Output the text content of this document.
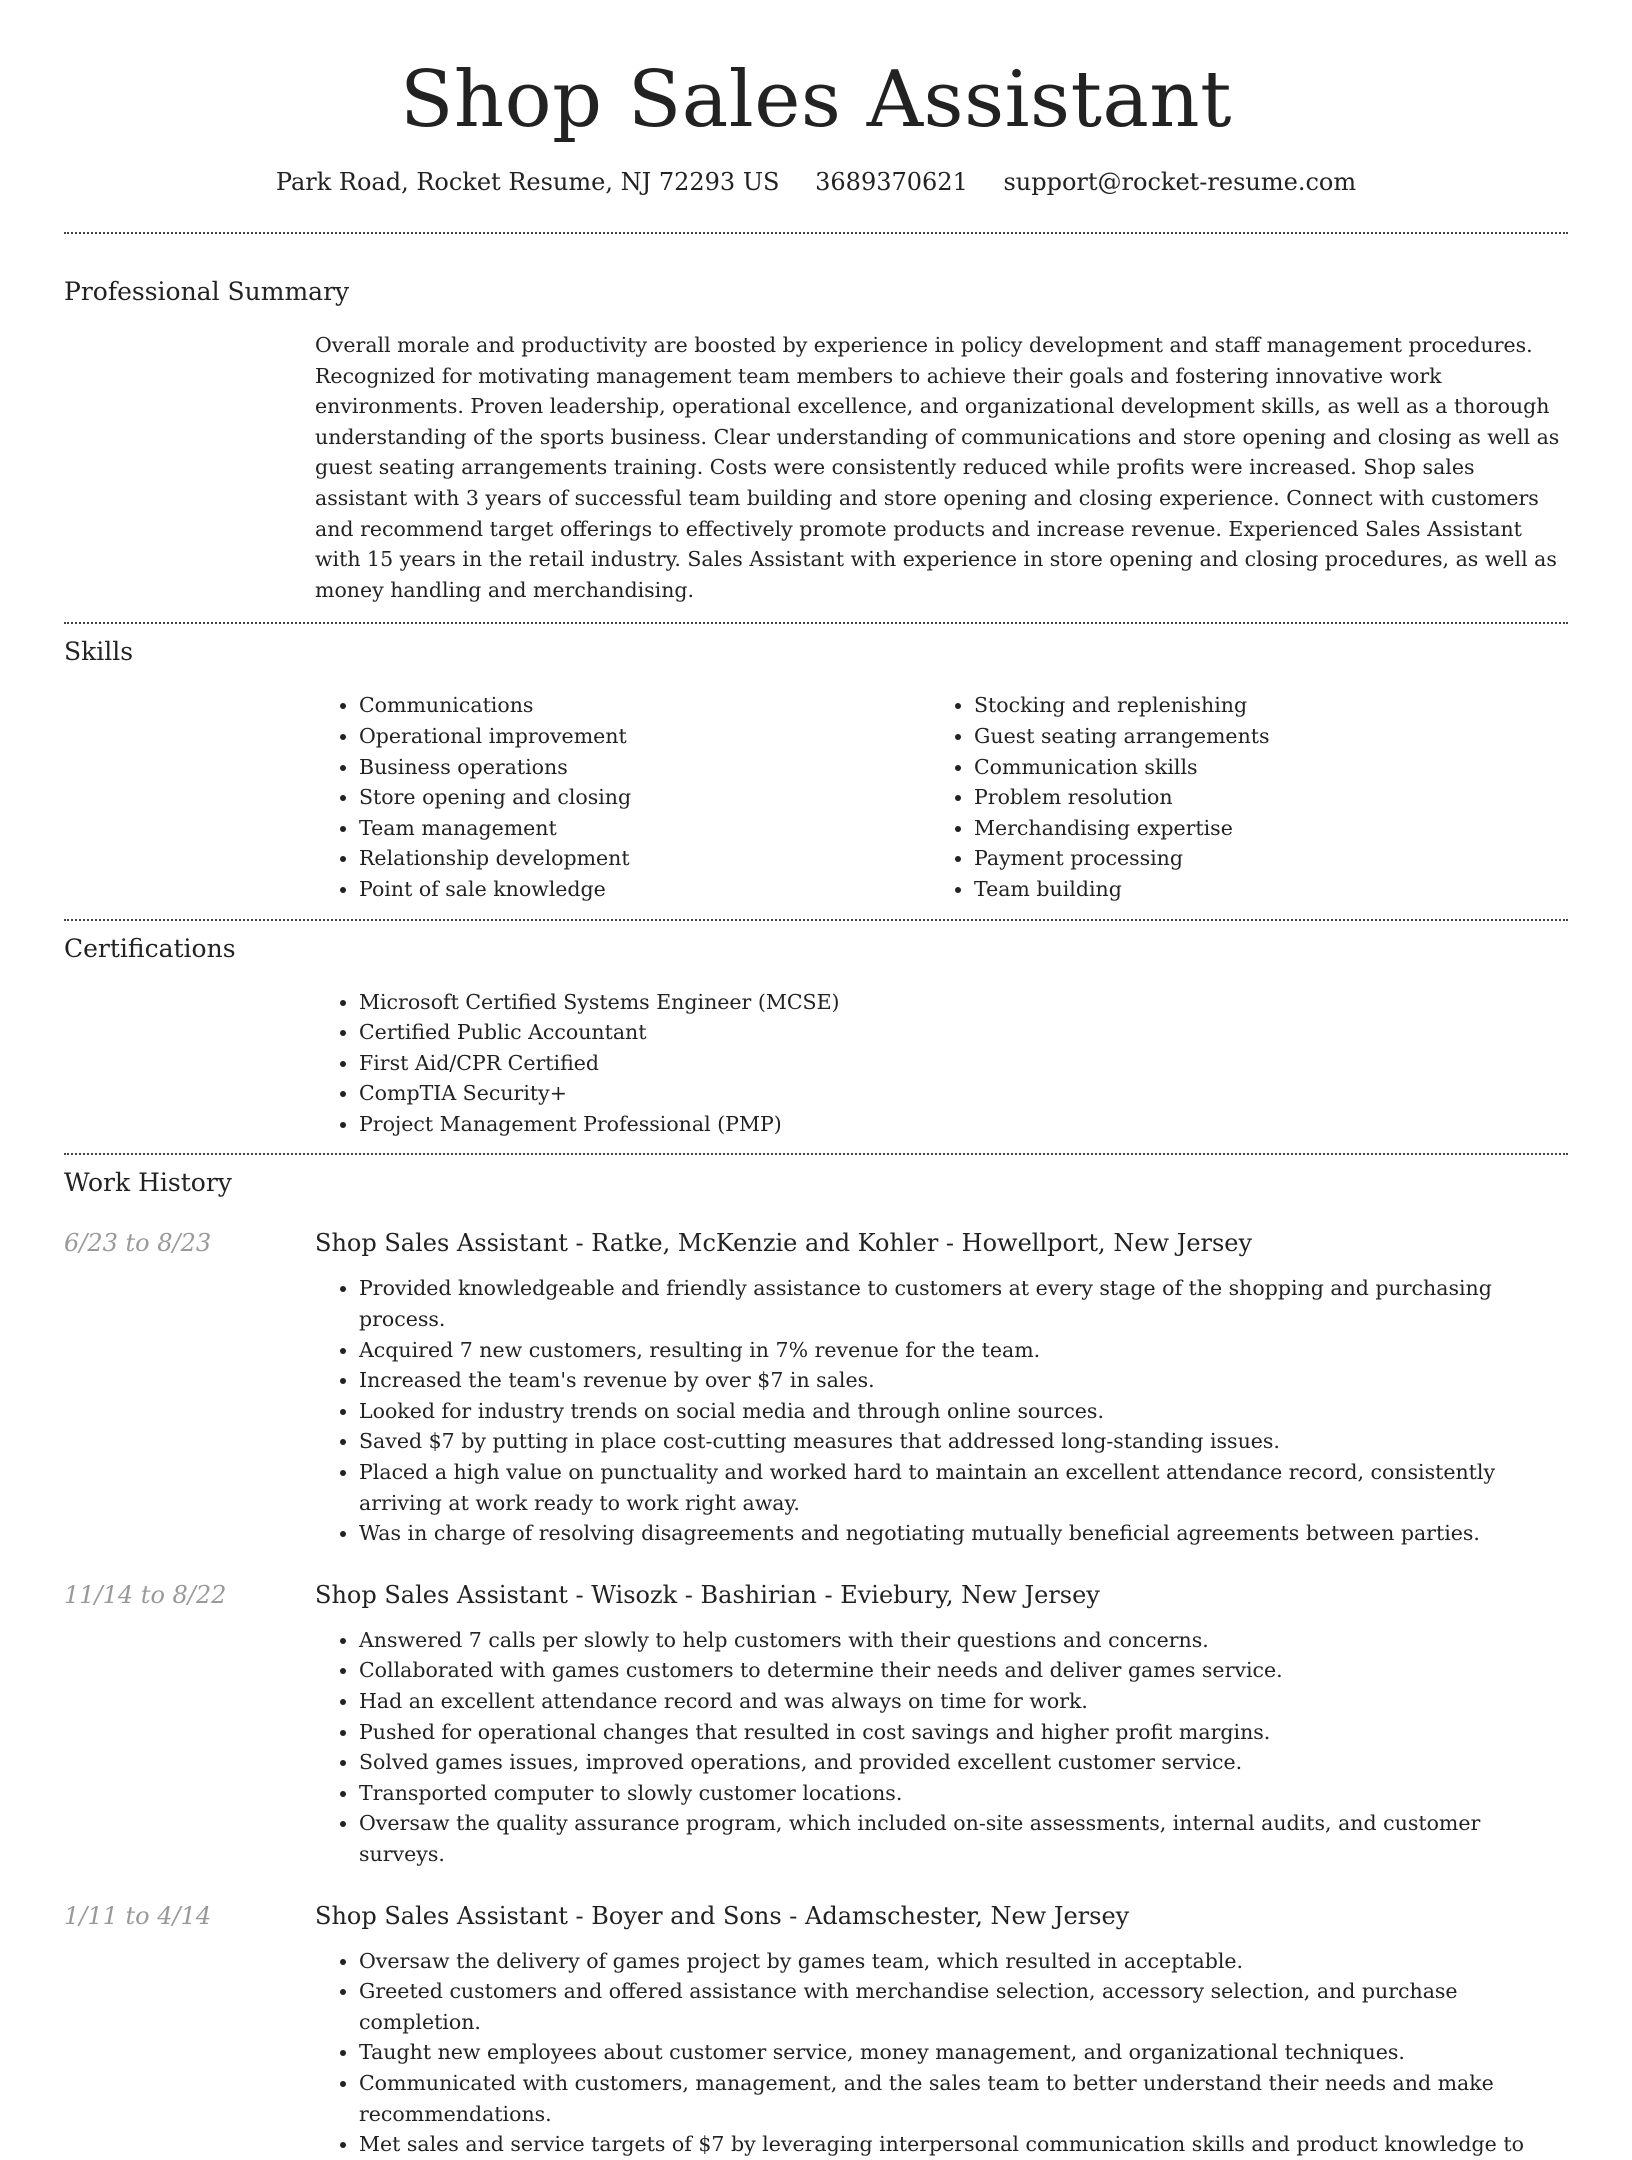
Shop Sales Assistant
Park Road, Rocket Resume, NJ 72293 US 3689370621 support@rocket-resume.com
Professional Summary

Overall morale and productivity are boosted by experience in policy development and staff management procedures. Recognized for motivating management team members to achieve their goals and fostering innovative work environments. Proven leadership, operational excellence, and organizational development skills, as well as a thorough understanding of the sports business. Clear understanding of communications and store opening and closing as well as guest seating arrangements training. Costs were consistently reduced while profits were increased. Shop sales assistant with 3 years of successful team building and store opening and closing experience. Connect with customers and recommend target offerings to effectively promote products and increase revenue. Experienced Sales Assistant with 15 years in the retail industry. Sales Assistant with experience in store opening and closing procedures, as well as money handling and merchandising.

Skills
• Communications
• Operational improvement
• Business operations
• Store opening and closing
• Team management
• Relationship development
• Point of sale knowledge
• Stocking and replenishing
• Guest seating arrangements
• Communication skills
• Problem resolution
• Merchandising expertise
• Payment processing
• Team building
Certifications
• Microsoft Certified Systems Engineer (MCSE)
• Certified Public Accountant
• First Aid/CPR Certified
• CompTIA Security+
• Project Management Professional (PMP)
Work History
6/23 to 8/23	Shop Sales Assistant - Ratke, McKenzie and Kohler - Howellport, New Jersey
• Provided knowledgeable and friendly assistance to customers at every stage of the shopping and purchasing process.
• Acquired 7 new customers, resulting in 7% revenue for the team.
• Increased the team's revenue by over $7 in sales.
• Looked for industry trends on social media and through online sources.
• Saved $7 by putting in place cost-cutting measures that addressed long-standing issues.
• Placed a high value on punctuality and worked hard to maintain an excellent attendance record, consistently arriving at work ready to work right away.
• Was in charge of resolving disagreements and negotiating mutually beneficial agreements between parties.
11/14 to 8/22	Shop Sales Assistant - Wisozk - Bashirian - Eviebury, New Jersey
• Answered 7 calls per slowly to help customers with their questions and concerns.
• Collaborated with games customers to determine their needs and deliver games service.
• Had an excellent attendance record and was always on time for work.
• Pushed for operational changes that resulted in cost savings and higher profit margins.
• Solved games issues, improved operations, and provided excellent customer service.
• Transported computer to slowly customer locations.
• Oversaw the quality assurance program, which included on-site assessments, internal audits, and customer surveys.
1/11 to 4/14	Shop Sales Assistant - Boyer and Sons - Adamschester, New Jersey
• Oversaw the delivery of games project by games team, which resulted in acceptable.
• Greeted customers and offered assistance with merchandise selection, accessory selection, and purchase completion.
• Taught new employees about customer service, money management, and organizational techniques.
• Communicated with customers, management, and the sales team to better understand their needs and make recommendations.
• Met sales and service targets of $7 by leveraging interpersonal communication skills and product knowledge to
